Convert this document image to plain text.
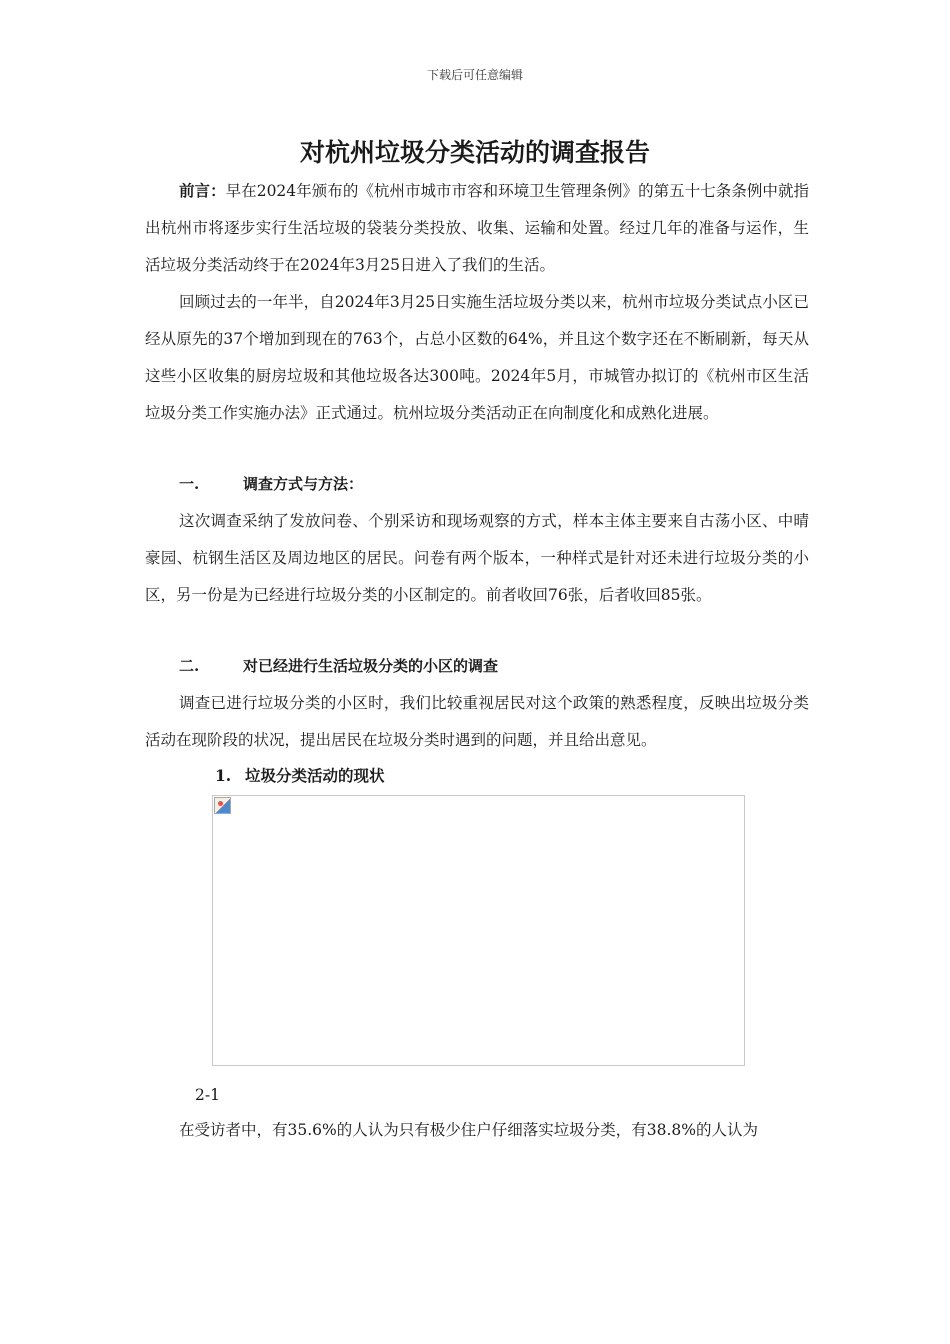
下载后可任意编辑
对杭州垃圾分类活动的调查报告

前言：早在2024年颁布的《杭州市城市市容和环境卫生管理条例》的第五十七条条例中就指出杭州市将逐步实行生活垃圾的袋装分类投放、收集、运输和处置。经过几年的准备与运作，生活垃圾分类活动终于在2024年3月25日进入了我们的生活。

回顾过去的一年半，自2024年3月25日实施生活垃圾分类以来，杭州市垃圾分类试点小区已经从原先的37个增加到现在的763个，占总小区数的64%，并且这个数字还在不断刷新，每天从这些小区收集的厨房垃圾和其他垃圾各达300吨。2024年5月，市城管办拟订的《杭州市区生活垃圾分类工作实施办法》正式通过。杭州垃圾分类活动正在向制度化和成熟化进展。

一.	调查方式与方法：

这次调查采纳了发放问卷、个别采访和现场观察的方式，样本主体主要来自古荡小区、中晴豪园、杭钢生活区及周边地区的居民。问卷有两个版本，一种样式是针对还未进行垃圾分类的小区，另一份是为已经进行垃圾分类的小区制定的。前者收回76张，后者收回85张。

二.	对已经进行生活垃圾分类的小区的调查

调查已进行垃圾分类的小区时，我们比较重视居民对这个政策的熟悉程度，反映出垃圾分类活动在现阶段的状况，提出居民在垃圾分类时遇到的问题，并且给出意见。

1. 垃圾分类活动的现状
2-1

在受访者中，有35.6%的人认为只有极少住户仔细落实垃圾分类，有38.8%的人认为
